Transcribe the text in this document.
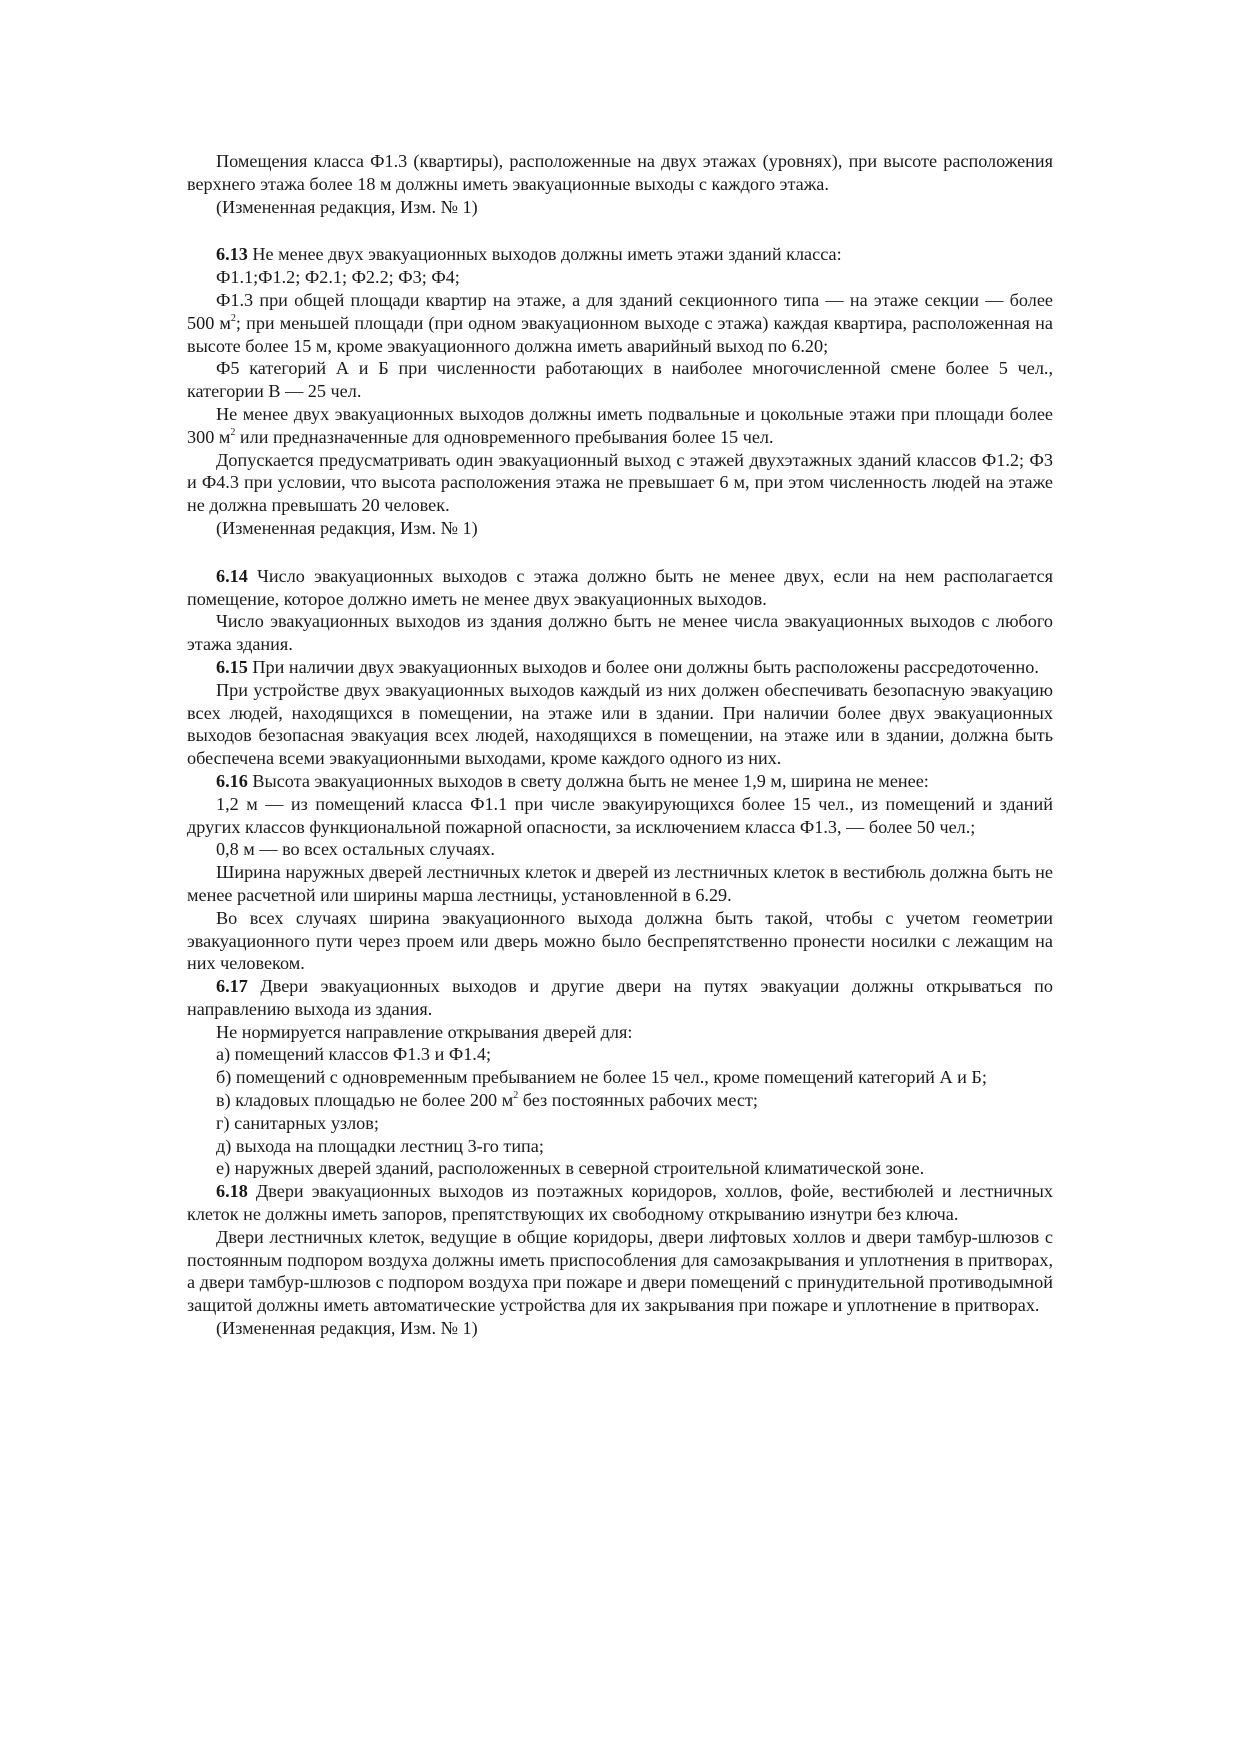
Помещения класса Ф1.3 (квартиры), расположенные на двух этажах (уровнях), при высоте расположения верхнего этажа более 18 м должны иметь эвакуационные выходы с каждого этажа.

(Измененная редакция, Изм. № 1)

6.13 Не менее двух эвакуационных выходов должны иметь этажи зданий класса:

Ф1.1;Ф1.2; Ф2.1; Ф2.2; Ф3; Ф4;

Ф1.3 при общей площади квартир на этаже, а для зданий секционного типа — на этаже секции — более 500 $м^2$; при меньшей площади (при одном эвакуационном выходе с этажа) каждая квартира, расположенная на высоте более 15 м, кроме эвакуационного должна иметь аварийный выход по 6.20;

Ф5 категорий А и Б при численности работающих в наиболее многочисленной смене более 5 чел., категории В — 25 чел.

Не менее двух эвакуационных выходов должны иметь подвальные и цокольные этажи при площади более 300 $м^2$ или предназначенные для одновременного пребывания более 15 чел.

Допускается предусматривать один эвакуационный выход с этажей двухэтажных зданий классов Ф1.2; Ф3 и Ф4.3 при условии, что высота расположения этажа не превышает 6 м, при этом численность людей на этаже не должна превышать 20 человек.

(Измененная редакция, Изм. № 1)

6.14 Число эвакуационных выходов с этажа должно быть не менее двух, если на нем располагается помещение, которое должно иметь не менее двух эвакуационных выходов.

Число эвакуационных выходов из здания должно быть не менее числа эвакуационных выходов с любого этажа здания.

6.15 При наличии двух эвакуационных выходов и более они должны быть расположены рассредоточенно.

При устройстве двух эвакуационных выходов каждый из них должен обеспечивать безопасную эвакуацию всех людей, находящихся в помещении, на этаже или в здании. При наличии более двух эвакуационных выходов безопасная эвакуация всех людей, находящихся в помещении, на этаже или в здании, должна быть обеспечена всеми эвакуационными выходами, кроме каждого одного из них.

6.16 Высота эвакуационных выходов в свету должна быть не менее 1,9 м, ширина не менее:

1,2 м — из помещений класса Ф1.1 при числе эвакуирующихся более 15 чел., из помещений и зданий других классов функциональной пожарной опасности, за исключением класса Ф1.3, — более 50 чел.;

0,8 м — во всех остальных случаях.

Ширина наружных дверей лестничных клеток и дверей из лестничных клеток в вестибюль должна быть не менее расчетной или ширины марша лестницы, установленной в 6.29.

Во всех случаях ширина эвакуационного выхода должна быть такой, чтобы с учетом геометрии эвакуационного пути через проем или дверь можно было беспрепятственно пронести носилки с лежащим на них человеком.

6.17 Двери эвакуационных выходов и другие двери на путях эвакуации должны открываться по направлению выхода из здания.

Не нормируется направление открывания дверей для:

а) помещений классов Ф1.3 и Ф1.4;

б) помещений с одновременным пребыванием не более 15 чел., кроме помещений категорий А и Б;

в) кладовых площадью не более 200 $м^2$ без постоянных рабочих мест;

г) санитарных узлов;

д) выхода на площадки лестниц 3-го типа;

е) наружных дверей зданий, расположенных в северной строительной климатической зоне.

6.18 Двери эвакуационных выходов из поэтажных коридоров, холлов, фойе, вестибюлей и лестничных клеток не должны иметь запоров, препятствующих их свободному открыванию изнутри без ключа.

Двери лестничных клеток, ведущие в общие коридоры, двери лифтовых холлов и двери тамбур-шлюзов с постоянным подпором воздуха должны иметь приспособления для самозакрывания и уплотнения в притворах, а двери тамбур-шлюзов с подпором воздуха при пожаре и двери помещений с принудительной противодымной защитой должны иметь автоматические устройства для их закрывания при пожаре и уплотнение в притворах.

(Измененная редакция, Изм. № 1)
